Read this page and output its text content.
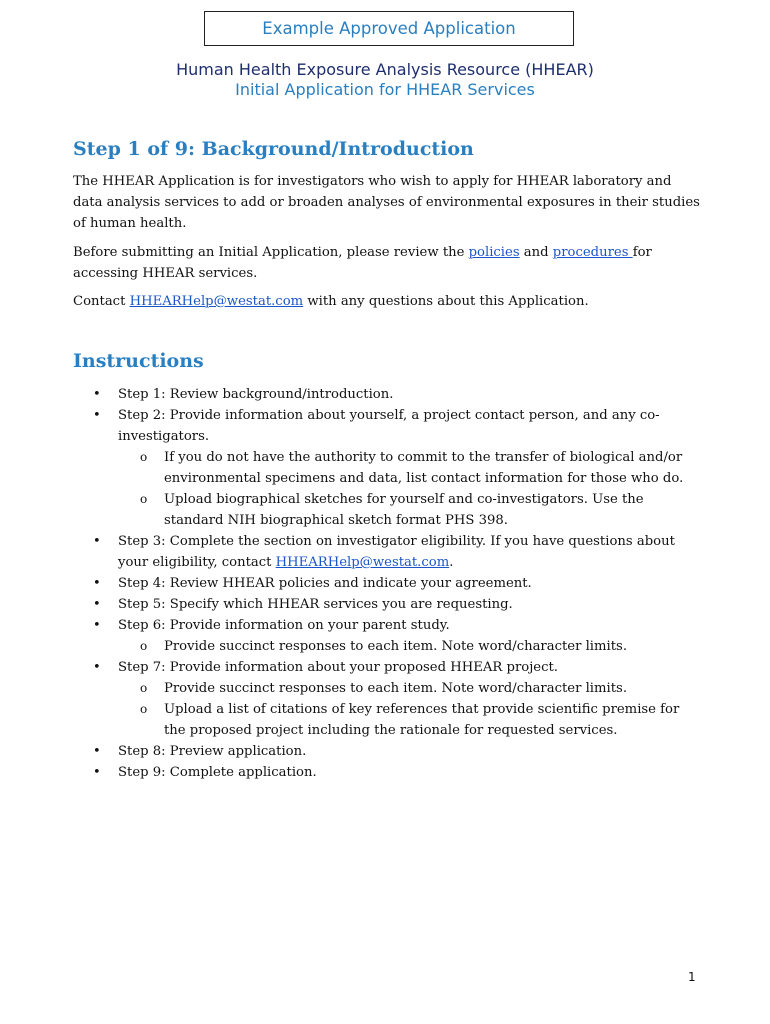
Example Approved Application
Human Health Exposure Analysis Resource (HHEAR)
Initial Application for HHEAR Services
Step 1 of 9: Background/Introduction

The HHEAR Application is for investigators who wish to apply for HHEAR laboratory and data analysis services to add or broaden analyses of environmental exposures in their studies of human health.

Before submitting an Initial Application, please review the policies and procedures for accessing HHEAR services.

Contact HHEARHelp@westat.com with any questions about this Application.

Instructions
• Step 1: Review background/introduction.
• Step 2: Provide information about yourself, a project contact person, and any co-investigators.
o If you do not have the authority to commit to the transfer of biological and/or environmental specimens and data, list contact information for those who do.
o Upload biographical sketches for yourself and co-investigators. Use the standard NIH biographical sketch format PHS 398.
• Step 3: Complete the section on investigator eligibility. If you have questions about your eligibility, contact HHEARHelp@westat.com.
• Step 4: Review HHEAR policies and indicate your agreement.
• Step 5: Specify which HHEAR services you are requesting.
• Step 6: Provide information on your parent study.
o Provide succinct responses to each item. Note word/character limits.
• Step 7: Provide information about your proposed HHEAR project.
o Provide succinct responses to each item. Note word/character limits.
o Upload a list of citations of key references that provide scientific premise for the proposed project including the rationale for requested services.
• Step 8: Preview application.
• Step 9: Complete application.
1
